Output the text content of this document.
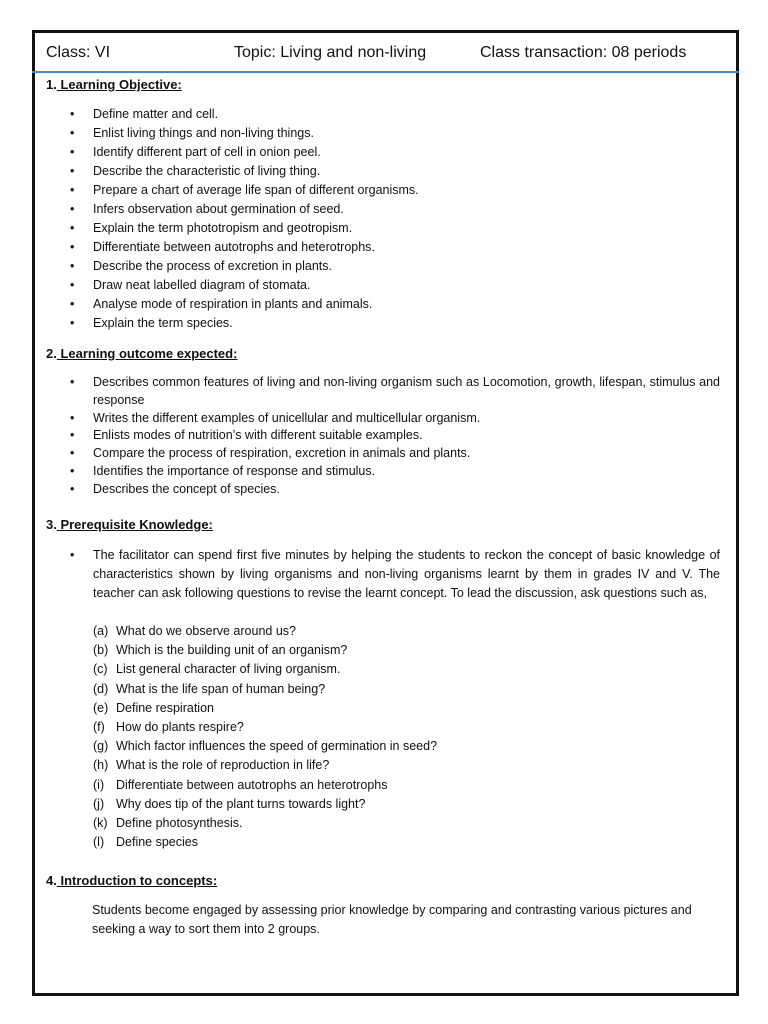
Class: VI	Topic: Living and non-living	Class transaction: 08 periods
1. Learning Objective:
• Define matter and cell.
• Enlist living things and non-living things.
• Identify different part of cell in onion peel.
• Describe the characteristic of living thing.
• Prepare a chart of average life span of different organisms.
• Infers observation about germination of seed.
• Explain the term phototropism and geotropism.
• Differentiate between autotrophs and heterotrophs.
• Describe the process of excretion in plants.
• Draw neat labelled diagram of stomata.
• Analyse mode of respiration in plants and animals.
• Explain the term species.
2. Learning outcome expected:
• Describes common features of living and non-living organism such as Locomotion, growth, lifespan, stimulus and response
• Writes the different examples of unicellular and multicellular organism.
• Enlists modes of nutrition’s with different suitable examples.
• Compare the process of respiration, excretion in animals and plants.
• Identifies the importance of response and stimulus.
• Describes the concept of species.
3. Prerequisite Knowledge:
• The facilitator can spend first five minutes by helping the students to reckon the concept of basic knowledge of characteristics shown by living organisms and non-living organisms learnt by them in grades IV and V. The teacher can ask following questions to revise the learnt concept. To lead the discussion, ask questions such as,
(a) What do we observe around us?
(b) Which is the building unit of an organism?
(c) List general character of living organism.
(d) What is the life span of human being?
(e) Define respiration
(f) How do plants respire?
(g) Which factor influences the speed of germination in seed?
(h) What is the role of reproduction in life?
(i) Differentiate between autotrophs an heterotrophs
(j) Why does tip of the plant turns towards light?
(k) Define photosynthesis.
(l) Define species
4. Introduction to concepts:
Students become engaged by assessing prior knowledge by comparing and contrasting various pictures and seeking a way to sort them into 2 groups.
